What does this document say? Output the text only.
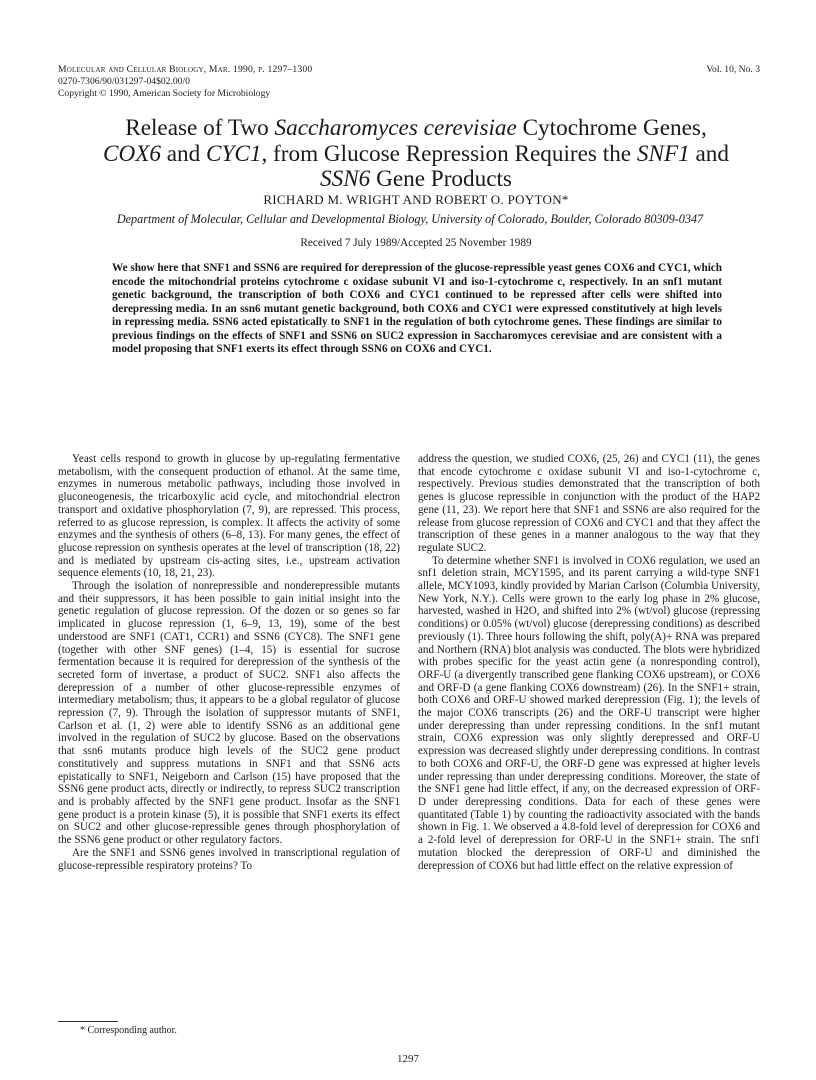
Molecular and Cellular Biology, Mar. 1990, p. 1297–1300
0270-7306/90/031297-04$02.00/0
Copyright © 1990, American Society for Microbiology
Vol. 10, No. 3
Release of Two Saccharomyces cerevisiae Cytochrome Genes,
COX6 and CYC1, from Glucose Repression Requires the SNF1 and
SSN6 Gene Products
RICHARD M. WRIGHT AND ROBERT O. POYTON*
Department of Molecular, Cellular and Developmental Biology, University of Colorado, Boulder, Colorado 80309-0347
Received 7 July 1989/Accepted 25 November 1989

We show here that SNF1 and SSN6 are required for derepression of the glucose-repressible yeast genes COX6 and CYC1, which encode the mitochondrial proteins cytochrome c oxidase subunit VI and iso-1-cytochrome c, respectively. In an snf1 mutant genetic background, the transcription of both COX6 and CYC1 continued to be repressed after cells were shifted into derepressing media. In an ssn6 mutant genetic background, both COX6 and CYC1 were expressed constitutively at high levels in repressing media. SSN6 acted epistatically to SNF1 in the regulation of both cytochrome genes. These findings are similar to previous findings on the effects of SNF1 and SSN6 on SUC2 expression in Saccharomyces cerevisiae and are consistent with a model proposing that SNF1 exerts its effect through SSN6 on COX6 and CYC1.

Yeast cells respond to growth in glucose by up-regulating fermentative metabolism, with the consequent production of ethanol. At the same time, enzymes in numerous metabolic pathways, including those involved in gluconeogenesis, the tricarboxylic acid cycle, and mitochondrial electron transport and oxidative phosphorylation (7, 9), are repressed. This process, referred to as glucose repression, is complex. It affects the activity of some enzymes and the synthesis of others (6–8, 13). For many genes, the effect of glucose repression on synthesis operates at the level of transcription (18, 22) and is mediated by upstream cis-acting sites, i.e., upstream activation sequence elements (10, 18, 21, 23).

Through the isolation of nonrepressible and nonderepressible mutants and their suppressors, it has been possible to gain initial insight into the genetic regulation of glucose repression. Of the dozen or so genes so far implicated in glucose repression (1, 6–9, 13, 19), some of the best understood are SNF1 (CAT1, CCR1) and SSN6 (CYC8). The SNF1 gene (together with other SNF genes) (1–4, 15) is essential for sucrose fermentation because it is required for derepression of the synthesis of the secreted form of invertase, a product of SUC2. SNF1 also affects the derepression of a number of other glucose-repressible enzymes of intermediary metabolism; thus, it appears to be a global regulator of glucose repression (7, 9). Through the isolation of suppressor mutants of SNF1, Carlson et al. (1, 2) were able to identify SSN6 as an additional gene involved in the regulation of SUC2 by glucose. Based on the observations that ssn6 mutants produce high levels of the SUC2 gene product constitutively and suppress mutations in SNF1 and that SSN6 acts epistatically to SNF1, Neigeborn and Carlson (15) have proposed that the SSN6 gene product acts, directly or indirectly, to repress SUC2 transcription and is probably affected by the SNF1 gene product. Insofar as the SNF1 gene product is a protein kinase (5), it is possible that SNF1 exerts its effect on SUC2 and other glucose-repressible genes through phosphorylation of the SSN6 gene product or other regulatory factors.

Are the SNF1 and SSN6 genes involved in transcriptional regulation of glucose-repressible respiratory proteins? To

address the question, we studied COX6, (25, 26) and CYC1 (11), the genes that encode cytochrome c oxidase subunit VI and iso-1-cytochrome c, respectively. Previous studies demonstrated that the transcription of both genes is glucose repressible in conjunction with the product of the HAP2 gene (11, 23). We report here that SNF1 and SSN6 are also required for the release from glucose repression of COX6 and CYC1 and that they affect the transcription of these genes in a manner analogous to the way that they regulate SUC2.

To determine whether SNF1 is involved in COX6 regulation, we used an snf1 deletion strain, MCY1595, and its parent carrying a wild-type SNF1 allele, MCY1093, kindly provided by Marian Carlson (Columbia University, New York, N.Y.). Cells were grown to the early log phase in 2% glucose, harvested, washed in H2O, and shifted into 2% (wt/vol) glucose (repressing conditions) or 0.05% (wt/vol) glucose (derepressing conditions) as described previously (1). Three hours following the shift, poly(A)+ RNA was prepared and Northern (RNA) blot analysis was conducted. The blots were hybridized with probes specific for the yeast actin gene (a nonresponding control), ORF-U (a divergently transcribed gene flanking COX6 upstream), or COX6 and ORF-D (a gene flanking COX6 downstream) (26). In the SNF1+ strain, both COX6 and ORF-U showed marked derepression (Fig. 1); the levels of the major COX6 transcripts (26) and the ORF-U transcript were higher under derepressing than under repressing conditions. In the snf1 mutant strain, COX6 expression was only slightly derepressed and ORF-U expression was decreased slightly under derepressing conditions. In contrast to both COX6 and ORF-U, the ORF-D gene was expressed at higher levels under repressing than under derepressing conditions. Moreover, the state of the SNF1 gene had little effect, if any, on the decreased expression of ORF-D under derepressing conditions. Data for each of these genes were quantitated (Table 1) by counting the radioactivity associated with the bands shown in Fig. 1. We observed a 4.8-fold level of derepression for COX6 and a 2-fold level of derepression for ORF-U in the SNF1+ strain. The snf1 mutation blocked the derepression of ORF-U and diminished the derepression of COX6 but had little effect on the relative expression of

* Corresponding author.
1297
